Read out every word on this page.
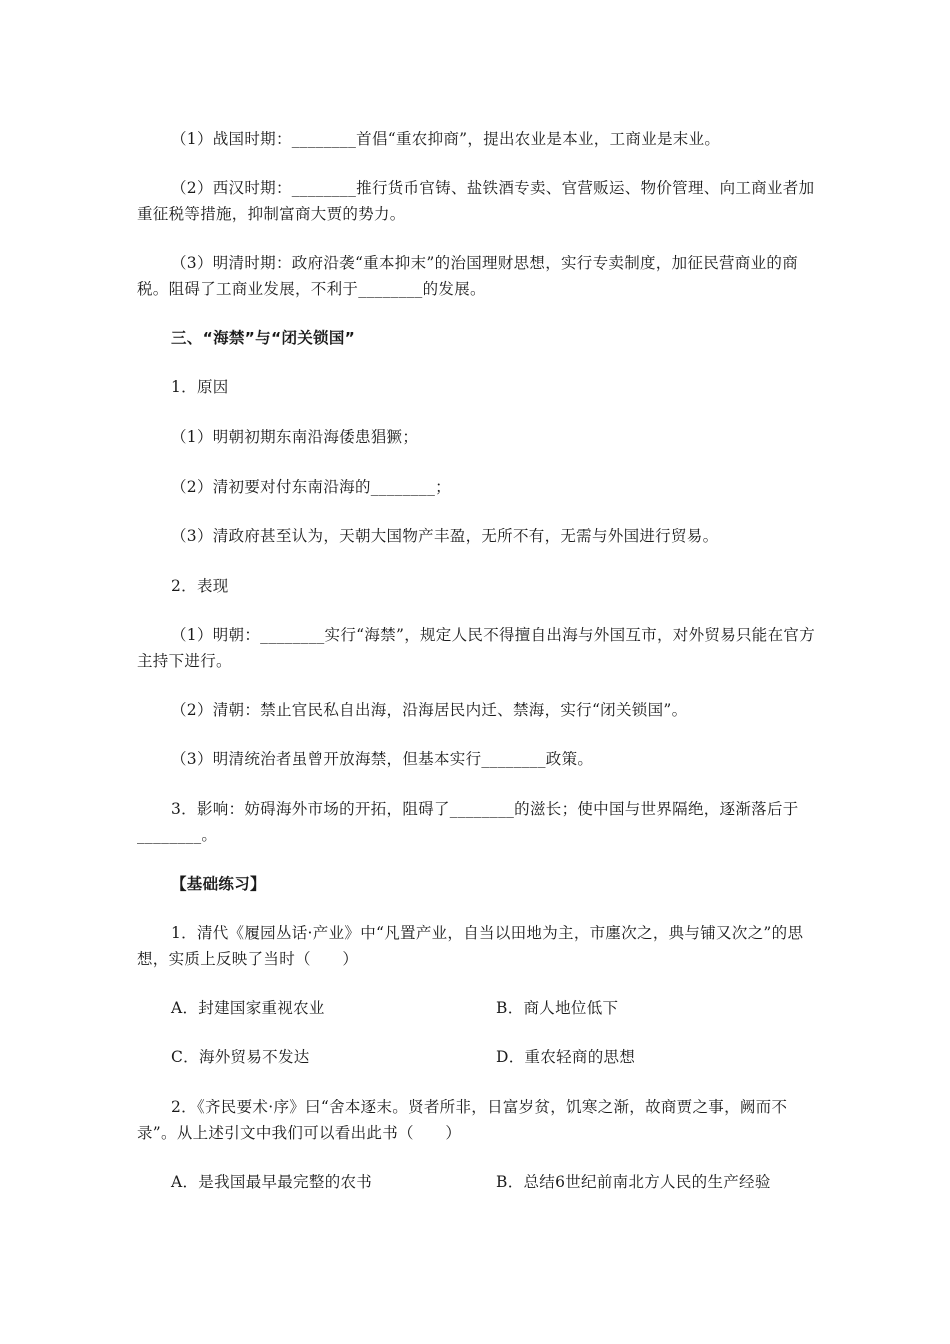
（1）战国时期：________首倡“重农抑商”，提出农业是本业，工商业是末业。
（2）西汉时期：________推行货币官铸、盐铁酒专卖、官营贩运、物价管理、向工商业者加重征税等措施，抑制富商大贾的势力。
（3）明清时期：政府沿袭“重本抑末”的治国理财思想，实行专卖制度，加征民营商业的商税。阻碍了工商业发展，不利于________的发展。
三、“海禁”与“闭关锁国”
1．原因
（1）明朝初期东南沿海倭患猖獗；
（2）清初要对付东南沿海的________；
（3）清政府甚至认为，天朝大国物产丰盈，无所不有，无需与外国进行贸易。
2．表现
（1）明朝：________实行“海禁”，规定人民不得擅自出海与外国互市，对外贸易只能在官方主持下进行。
（2）清朝：禁止官民私自出海，沿海居民内迁、禁海，实行“闭关锁国”。
（3）明清统治者虽曾开放海禁，但基本实行________政策。
3．影响：妨碍海外市场的开拓，阻碍了________的滋长；使中国与世界隔绝，逐渐落后于________。
【基础练习】
1．清代《履园丛话·产业》中“凡置产业，自当以田地为主，市廛次之，典与铺又次之”的思想，实质上反映了当时（　　）
A．封建国家重视农业	B．商人地位低下
C．海外贸易不发达	D．重农轻商的思想
2．《齐民要术·序》曰“舍本逐末。贤者所非，日富岁贫，饥寒之渐，故商贾之事，阙而不录”。从上述引文中我们可以看出此书（　　）
A．是我国最早最完整的农书	B．总结6世纪前南北方人民的生产经验
